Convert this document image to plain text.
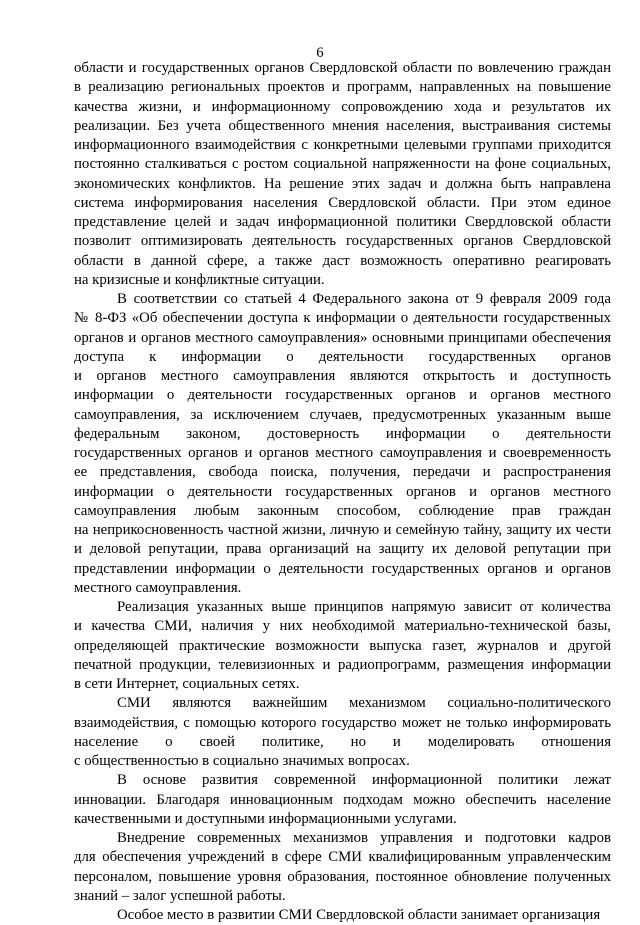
6
области и государственных органов Свердловской области по вовлечению граждан
в реализацию региональных проектов и программ, направленных на повышение
качества жизни, и информационному сопровождению хода и результатов их
реализации. Без учета общественного мнения населения, выстраивания системы
информационного взаимодействия с конкретными целевыми группами приходится
постоянно сталкиваться с ростом социальной напряженности на фоне социальных,
экономических конфликтов. На решение этих задач и должна быть направлена
система информирования населения Свердловской области. При этом единое
представление целей и задач информационной политики Свердловской области
позволит оптимизировать деятельность государственных органов Свердловской
области в данной сфере, а также даст возможность оперативно реагировать
на кризисные и конфликтные ситуации.
В соответствии со статьей 4 Федерального закона от 9 февраля 2009 года
№ 8-ФЗ «Об обеспечении доступа к информации о деятельности государственных
органов и органов местного самоуправления» основными принципами обеспечения
доступа к информации о деятельности государственных органов
и органов местного самоуправления являются открытость и доступность
информации о деятельности государственных органов и органов местного
самоуправления, за исключением случаев, предусмотренных указанным выше
федеральным законом, достоверность информации о деятельности
государственных органов и органов местного самоуправления и своевременность
ее представления, свобода поиска, получения, передачи и распространения
информации о деятельности государственных органов и органов местного
самоуправления любым законным способом, соблюдение прав граждан
на неприкосновенность частной жизни, личную и семейную тайну, защиту их чести
и деловой репутации, права организаций на защиту их деловой репутации при
представлении информации о деятельности государственных органов и органов
местного самоуправления.
Реализация указанных выше принципов напрямую зависит от количества
и качества СМИ, наличия у них необходимой материально-технической базы,
определяющей практические возможности выпуска газет, журналов и другой
печатной продукции, телевизионных и радиопрограмм, размещения информации
в сети Интернет, социальных сетях.
СМИ являются важнейшим механизмом социально-политического
взаимодействия, с помощью которого государство может не только информировать
население о своей политике, но и моделировать отношения
с общественностью в социально значимых вопросах.
В основе развития современной информационной политики лежат
инновации. Благодаря инновационным подходам можно обеспечить население
качественными и доступными информационными услугами.
Внедрение современных механизмов управления и подготовки кадров
для обеспечения учреждений в сфере СМИ квалифицированным управленческим
персоналом, повышение уровня образования, постоянное обновление полученных
знаний – залог успешной работы.
Особое место в развитии СМИ Свердловской области занимает организация
